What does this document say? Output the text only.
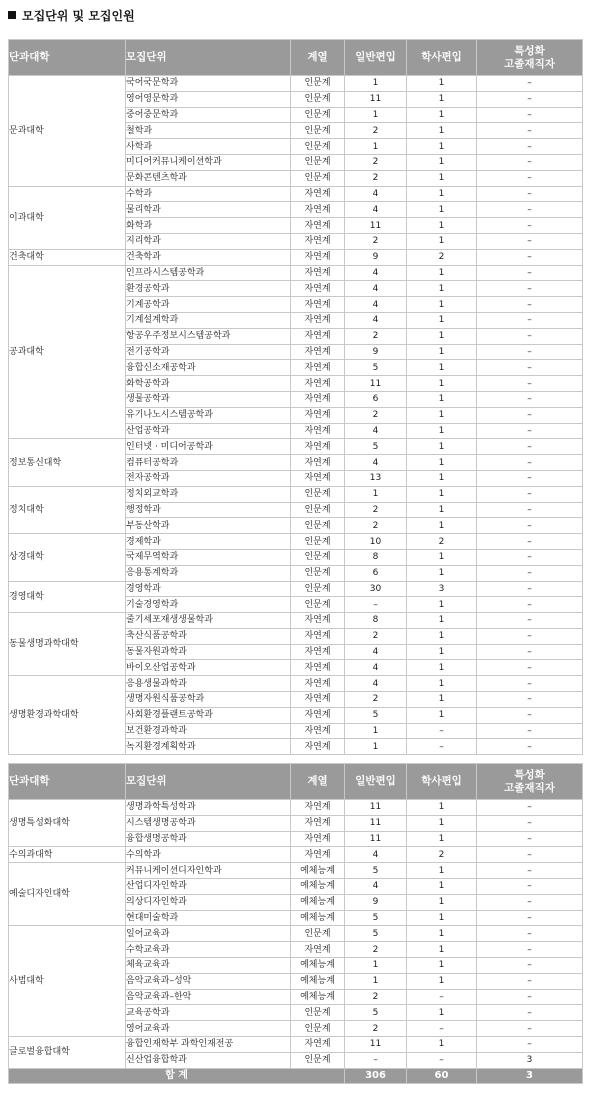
모집단위 및 모집인원
단과대학	모집단위	계열	일반편입	학사편입	특성화
고졸재직자
문과대학	국어국문학과	인문계	1	1	–
	영어영문학과	인문계	11	1	–
	중어중문학과	인문계	1	1	–
	철학과	인문계	2	1	–
	사학과	인문계	1	1	–
	미디어커뮤니케이션학과	인문계	2	1	–
	문화콘텐츠학과	인문계	2	1	–
이과대학	수학과	자연계	4	1	–
	물리학과	자연계	4	1	–
	화학과	자연계	11	1	–
	지리학과	자연계	2	1	–
건축대학	건축학과	자연계	9	2	–
공과대학	인프라시스템공학과	자연계	4	1	–
	환경공학과	자연계	4	1	–
	기계공학과	자연계	4	1	–
	기계설계학과	자연계	4	1	–
	항공우주정보시스템공학과	자연계	2	1	–
	전기공학과	자연계	9	1	–
	융합신소재공학과	자연계	5	1	–
	화학공학과	자연계	11	1	–
	생물공학과	자연계	6	1	–
	유기나노시스템공학과	자연계	2	1	–
	산업공학과	자연계	4	1	–
정보통신대학	인터넷 · 미디어공학과	자연계	5	1	–
	컴퓨터공학과	자연계	4	1	–
	전자공학과	자연계	13	1	–
정치대학	정치외교학과	인문계	1	1	–
	행정학과	인문계	2	1	–
	부동산학과	인문계	2	1	–
상경대학	경제학과	인문계	10	2	–
	국제무역학과	인문계	8	1	–
	응용통계학과	인문계	6	1	–
경영대학	경영학과	인문계	30	3	–
	기술경영학과	인문계	–	1	–
동물생명과학대학	줄기세포재생생물학과	자연계	8	1	–
	축산식품공학과	자연계	2	1	–
	동물자원과학과	자연계	4	1	–
	바이오산업공학과	자연계	4	1	–
생명환경과학대학	응용생물과학과	자연계	4	1	–
	생명자원식품공학과	자연계	2	1	–
	사회환경플랜트공학과	자연계	5	1	–
	보건환경과학과	자연계	1	–	–
	녹지환경계획학과	자연계	1	–	–
단과대학	모집단위	계열	일반편입	학사편입	특성화
고졸재직자
생명특성화대학	생명과학특성학과	자연계	11	1	–
	시스템생명공학과	자연계	11	1	–
	융합생명공학과	자연계	11	1	–
수의과대학	수의학과	자연계	4	2	–
예술디자인대학	커뮤니케이션디자인학과	예체능계	5	1	–
	산업디자인학과	예체능계	4	1	–
	의상디자인학과	예체능계	9	1	–
	현대미술학과	예체능계	5	1	–
사범대학	일어교육과	인문계	5	1	–
	수학교육과	자연계	2	1	–
	체육교육과	예체능계	1	1	–
	음악교육과–성악	예체능계	1	1	–
	음악교육과–한악	예체능계	2	–	–
	교육공학과	인문계	5	1	–
	영어교육과	인문계	2	–	–
글로벌융합대학	융합인재학부 과학인재전공	자연계	11	1	–
	신산업융합학과	인문계	–	–	3
합 계			306	60	3
